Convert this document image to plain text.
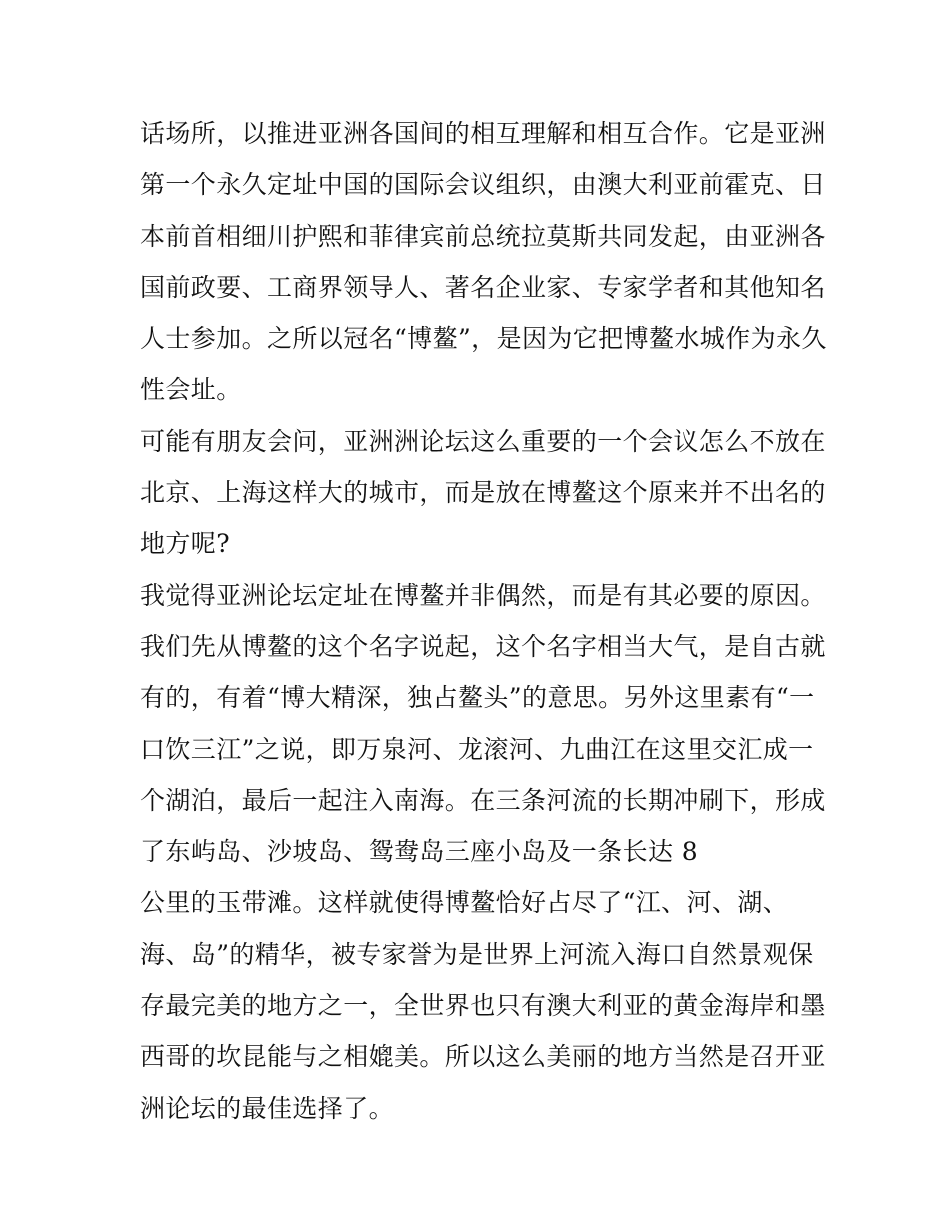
话场所，以推进亚洲各国间的相互理解和相互合作。它是亚洲
第一个永久定址中国的国际会议组织，由澳大利亚前霍克、日
本前首相细川护熙和菲律宾前总统拉莫斯共同发起，由亚洲各
国前政要、工商界领导人、著名企业家、专家学者和其他知名
人士参加。之所以冠名“博鳌”，是因为它把博鳌水城作为永久
性会址。
可能有朋友会问，亚洲洲论坛这么重要的一个会议怎么不放在
北京、上海这样大的城市，而是放在博鳌这个原来并不出名的
地方呢?
我觉得亚洲论坛定址在博鳌并非偶然，而是有其必要的原因。
我们先从博鳌的这个名字说起，这个名字相当大气，是自古就
有的，有着“博大精深，独占鳌头”的意思。另外这里素有“一
口饮三江”之说，即万泉河、龙滚河、九曲江在这里交汇成一
个湖泊，最后一起注入南海。在三条河流的长期冲刷下，形成
了东屿岛、沙坡岛、鸳鸯岛三座小岛及一条长达 8
公里的玉带滩。这样就使得博鳌恰好占尽了“江、河、湖、
海、岛”的精华，被专家誉为是世界上河流入海口自然景观保
存最完美的地方之一，全世界也只有澳大利亚的黄金海岸和墨
西哥的坎昆能与之相媲美。所以这么美丽的地方当然是召开亚
洲论坛的最佳选择了。
